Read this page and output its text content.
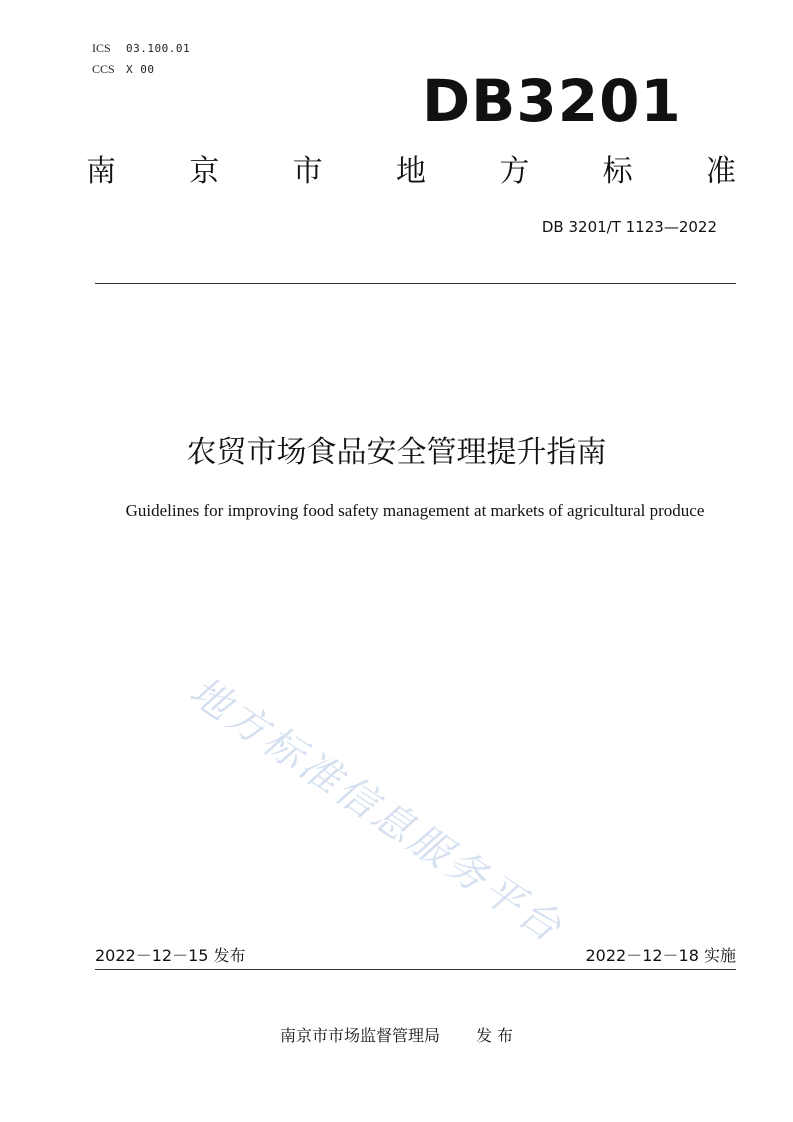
ICS	03.100.01
CCS	X 00	DB3201
南 京 市 地 方 标 准
DB 3201/T 1123—2022
农贸市场食品安全管理提升指南
Guidelines for improving food safety management at markets of agricultural produce
地方标准信息服务平台
2022－12－15 发布	2022－12－18 实施
南京市市场监督管理局 发 布
